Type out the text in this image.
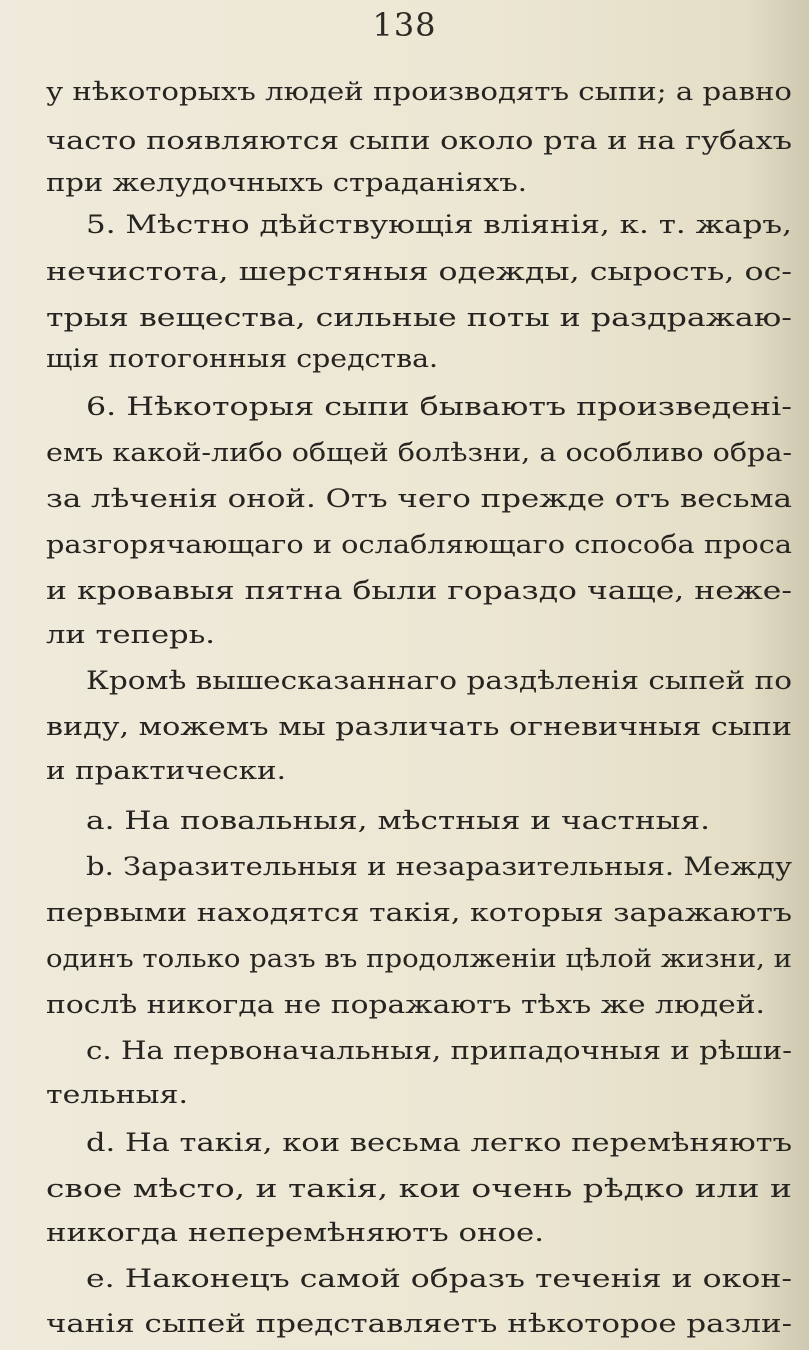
138
у нѣкоторыхъ людей производятъ сыпи; а равно
часто появляются сыпи около рта и на губахъ
при желудочныхъ страданiяхъ.
5. Мѣстно дѣйствующiя влiянiя, к. т. жаръ,
нечистота, шерстяныя одежды, сырость, ос-
трыя вещества, сильные поты и раздражаю-
щiя потогонныя средства.
6. Нѣкоторыя сыпи бываютъ произведенi-
емъ какой-либо общей болѣзни, а особливо обра-
за лѣченiя оной. Отъ чего прежде отъ весьма
разгорячающаго и ослабляющаго способа проса
и кровавыя пятна были гораздо чаще, неже-
ли теперь.
Кромѣ вышесказаннаго раздѣленiя сыпей по
виду, можемъ мы различать огневичныя сыпи
и практически.
a. На повальныя, мѣстныя и частныя.
b. Заразительныя и незаразительныя. Между
первыми находятся такiя, которыя заражаютъ
одинъ только разъ въ продолженiи цѣлой жизни, и
послѣ никогда не поражаютъ тѣхъ же людей.
c. На первоначальныя, припадочныя и рѣши-
тельныя.
d. На такiя, кои весьма легко перемѣняютъ
свое мѣсто, и такiя, кои очень рѣдко или и
никогда неперемѣняютъ оное.
e. Наконецъ самой образъ теченiя и окон-
чанiя сыпей представляетъ нѣкоторое разли-
